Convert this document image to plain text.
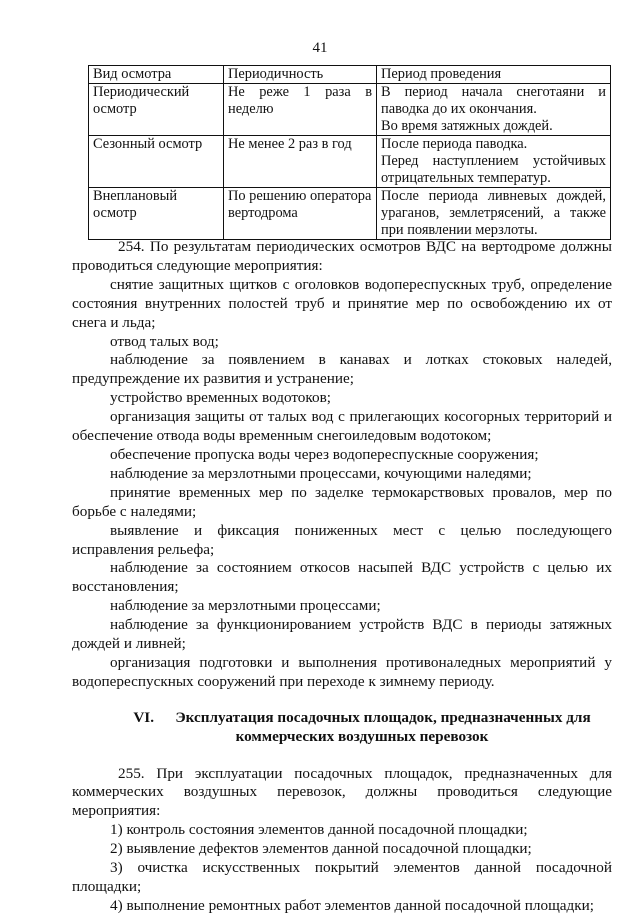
41
Вид осмотра	Периодичность	Период проведения
Периодический осмотр	Не реже 1 раза в неделю	В период начала снеготаяни и паводка до их окончания.
Во время затяжных дождей.

Сезонный осмотр	Не менее 2 раз в год	После периода паводка.
Перед наступлением устойчивых отрицательных температур.

Внеплановый осмотр	По решению оператора вертодрома	После периода ливневых дождей, ураганов, землетрясений, а также при появлении мерзлоты.

254. По результатам периодических осмотров ВДС на вертодроме должны проводиться следующие мероприятия:

снятие защитных щитков с оголовков водопереспускных труб, определение состояния внутренних полостей труб и принятие мер по освобождению их от снега и льда;

отвод талых вод;

наблюдение за появлением в канавах и лотках стоковых наледей, предупреждение их развития и устранение;

устройство временных водотоков;

организация защиты от талых вод с прилегающих косогорных территорий и обеспечение отвода воды временным снегоиледовым водотоком;

обеспечение пропуска воды через водопереспускные сооружения;

наблюдение за мерзлотными процессами, кочующими наледями;

принятие временных мер по заделке термокарствовых провалов, мер по борьбе с наледями;

выявление и фиксация пониженных мест с целью последующего исправления рельефа;

наблюдение за состоянием откосов насыпей ВДС устройств с целью их восстановления;

наблюдение за мерзлотными процессами;

наблюдение за функционированием устройств ВДС в периоды затяжных дождей и ливней;

организация подготовки и выполнения противоналедных мероприятий у водопереспускных сооружений при переходе к зимнему периоду.

VI. Эксплуатация посадочных площадок, предназначенных для коммерческих воздушных перевозок

255. При эксплуатации посадочных площадок, предназначенных для коммерческих воздушных перевозок, должны проводиться следующие мероприятия:

1) контроль состояния элементов данной посадочной площадки;

2) выявление дефектов элементов данной посадочной площадки;

3) очистка искусственных покрытий элементов данной посадочной площадки;

4) выполнение ремонтных работ элементов данной посадочной площадки;
